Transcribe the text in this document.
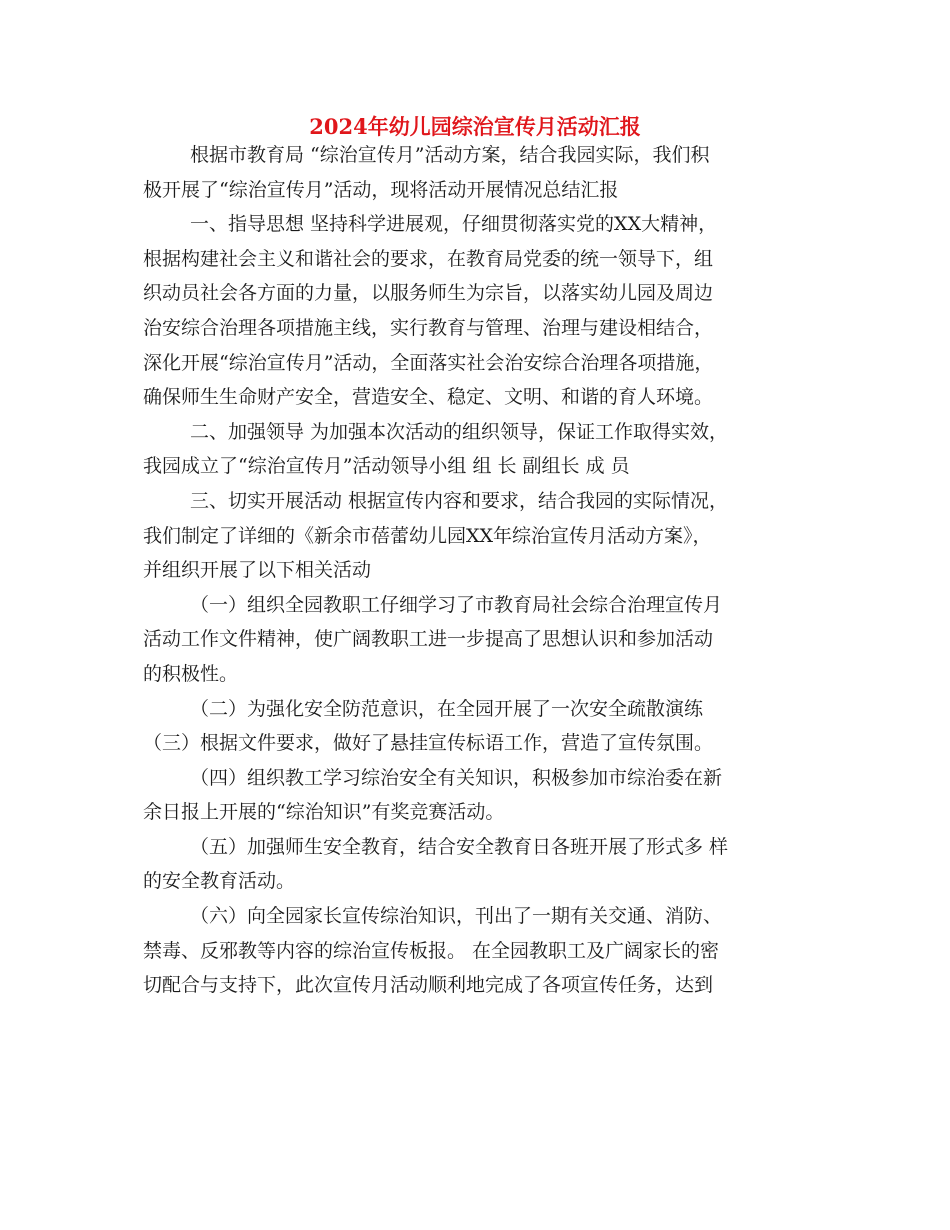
2024年幼儿园综治宣传月活动汇报
根据市教育局 “综治宣传月”活动方案，结合我园实际，我们积
极开展了“综治宣传月”活动，现将活动开展情况总结汇报
一、指导思想 坚持科学进展观，仔细贯彻落实党的XX大精神，
根据构建社会主义和谐社会的要求，在教育局党委的统一领导下，组
织动员社会各方面的力量，以服务师生为宗旨，以落实幼儿园及周边
治安综合治理各项措施主线，实行教育与管理、治理与建设相结合，
深化开展“综治宣传月”活动，全面落实社会治安综合治理各项措施，
确保师生生命财产安全，营造安全、稳定、文明、和谐的育人环境。
二、加强领导 为加强本次活动的组织领导，保证工作取得实效，
我园成立了“综治宣传月”活动领导小组 组 长 副组长 成 员
三、切实开展活动 根据宣传内容和要求，结合我园的实际情况，
我们制定了详细的《新余市蓓蕾幼儿园XX年综治宣传月活动方案》，
并组织开展了以下相关活动
（一）组织全园教职工仔细学习了市教育局社会综合治理宣传月
活动工作文件精神，使广阔教职工进一步提高了思想认识和参加活动
的积极性。
（二）为强化安全防范意识，在全园开展了一次安全疏散演练
（三）根据文件要求，做好了悬挂宣传标语工作，营造了宣传氛围。
（四）组织教工学习综治安全有关知识，积极参加市综治委在新
余日报上开展的“综治知识”有奖竞赛活动。
（五）加强师生安全教育，结合安全教育日各班开展了形式多 样
的安全教育活动。
（六）向全园家长宣传综治知识，刊出了一期有关交通、消防、
禁毒、反邪教等内容的综治宣传板报。 在全园教职工及广阔家长的密
切配合与支持下，此次宣传月活动顺利地完成了各项宣传任务，达到
